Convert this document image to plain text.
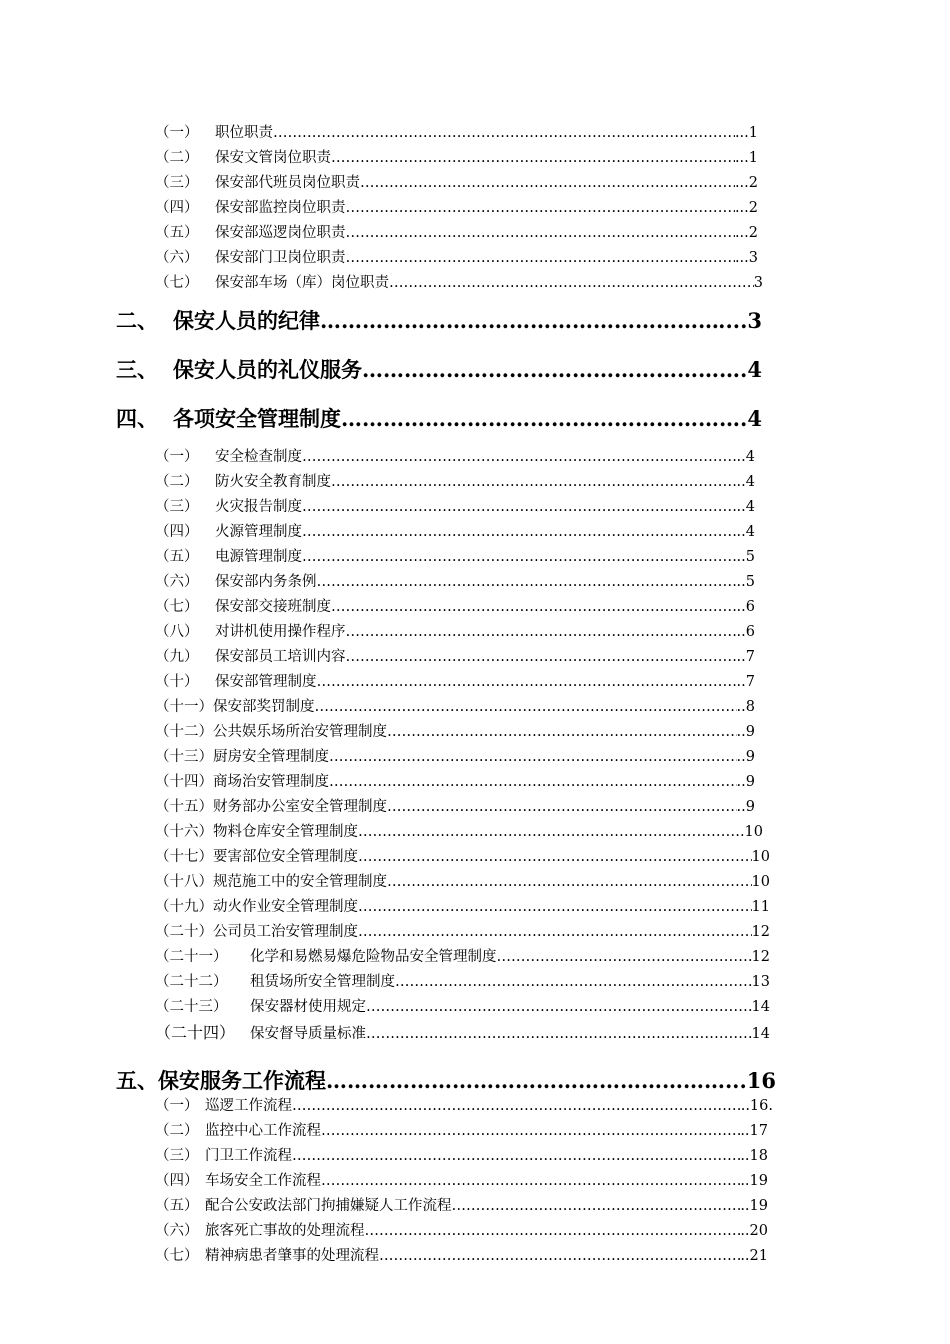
（一）	职位职责 ……………………………………………………………………………………………………………………………………………………………………………………………………………	...1
（二）	保安文管岗位职责 ……………………………………………………………………………………………………………………………………………………………………………………………………………	...1
（三）	保安部代班员岗位职责 ……………………………………………………………………………………………………………………………………………………………………………………………………………	...2
（四）	保安部监控岗位职责 ……………………………………………………………………………………………………………………………………………………………………………………………………………	...2
（五）	保安部巡逻岗位职责 ……………………………………………………………………………………………………………………………………………………………………………………………………………	...2
（六）	保安部门卫岗位职责 ……………………………………………………………………………………………………………………………………………………………………………………………………………	...3
（七）	保安部车场（库）岗位职责 ……………………………………………………………………………………………………………………………………………………………………………………………………………	3
二、 保安人员的纪律 ……………………………………………………………………………………………………………………………………………………………………………………………………………	....3
三、 保安人员的礼仪服务 ……………………………………………………………………………………………………………………………………………………………………………………………………………	4
四、 各项安全管理制度 ……………………………………………………………………………………………………………………………………………………………………………………………………………	4
（一）	安全检查制度 ……………………………………………………………………………………………………………………………………………………………………………………………………………	..4
（二）	防火安全教育制度 ……………………………………………………………………………………………………………………………………………………………………………………………………………	..4
（三）	火灾报告制度 ……………………………………………………………………………………………………………………………………………………………………………………………………………	..4
（四）	火源管理制度 ……………………………………………………………………………………………………………………………………………………………………………………………………………	..4
（五）	电源管理制度 ……………………………………………………………………………………………………………………………………………………………………………………………………………	..5
（六）	保安部内务条例 ……………………………………………………………………………………………………………………………………………………………………………………………………………	..5
（七）	保安部交接班制度 ……………………………………………………………………………………………………………………………………………………………………………………………………………	..6
（八）	对讲机使用操作程序 ……………………………………………………………………………………………………………………………………………………………………………………………………………	..6
（九）	保安部员工培训内容 ……………………………………………………………………………………………………………………………………………………………………………………………………………	..7
（十）	保安部管理制度 ……………………………………………………………………………………………………………………………………………………………………………………………………………	..7
（十一） 保安部奖罚制度 ……………………………………………………………………………………………………………………………………………………………………………………………………………	..8
（十二） 公共娱乐场所治安管理制度 ……………………………………………………………………………………………………………………………………………………………………………………………………………	..9
（十三） 厨房安全管理制度 ……………………………………………………………………………………………………………………………………………………………………………………………………………	..9
（十四） 商场治安管理制度 ……………………………………………………………………………………………………………………………………………………………………………………………………………	..9
（十五） 财务部办公室安全管理制度 ……………………………………………………………………………………………………………………………………………………………………………………………………………	..9
（十六） 物料仓库安全管理制度 ……………………………………………………………………………………………………………………………………………………………………………………………………………	……….10
（十七） 要害部位安全管理制度 ……………………………………………………………………………………………………………………………………………………………………………………………………………	10
（十八） 规范施工中的安全管理制度 ……………………………………………………………………………………………………………………………………………………………………………………………………………	10
（十九） 动火作业安全管理制度 ……………………………………………………………………………………………………………………………………………………………………………………………………………	11
（二十） 公司员工治安管理制度 ……………………………………………………………………………………………………………………………………………………………………………………………………………	12
（二十一）	化学和易燃易爆危险物品安全管理制度 ……………………………………………………………………………………………………………………………………………………………………………………………………………	12
（二十二）	租赁场所安全管理制度 ……………………………………………………………………………………………………………………………………………………………………………………………………………	13
（二十三）	保安器材使用规定 ……………………………………………………………………………………………………………………………………………………………………………………………………………	14
（二十四）	保安督导质量标准 ……………………………………………………………………………………………………………………………………………………………………………………………………………	14
五、 保安服务工作流程 ……………………………………………………………………………………………………………………………………………………………………………………………………………	..16
（一） 巡逻工作流程 ……………………………………………………………………………………………………………………………………………………………………………………………………………	..16.
（二） 监控中心工作流程 ……………………………………………………………………………………………………………………………………………………………………………………………………………	..17
（三） 门卫工作流程 ……………………………………………………………………………………………………………………………………………………………………………………………………………	..18
（四） 车场安全工作流程 ……………………………………………………………………………………………………………………………………………………………………………………………………………	..19
（五） 配合公安政法部门拘捕嫌疑人工作流程 ……………………………………………………………………………………………………………………………………………………………………………………………………………	..19
（六） 旅客死亡事故的处理流程 ……………………………………………………………………………………………………………………………………………………………………………………………………………	..20
（七） 精神病患者肇事的处理流程 ……………………………………………………………………………………………………………………………………………………………………………………………………………	..21
